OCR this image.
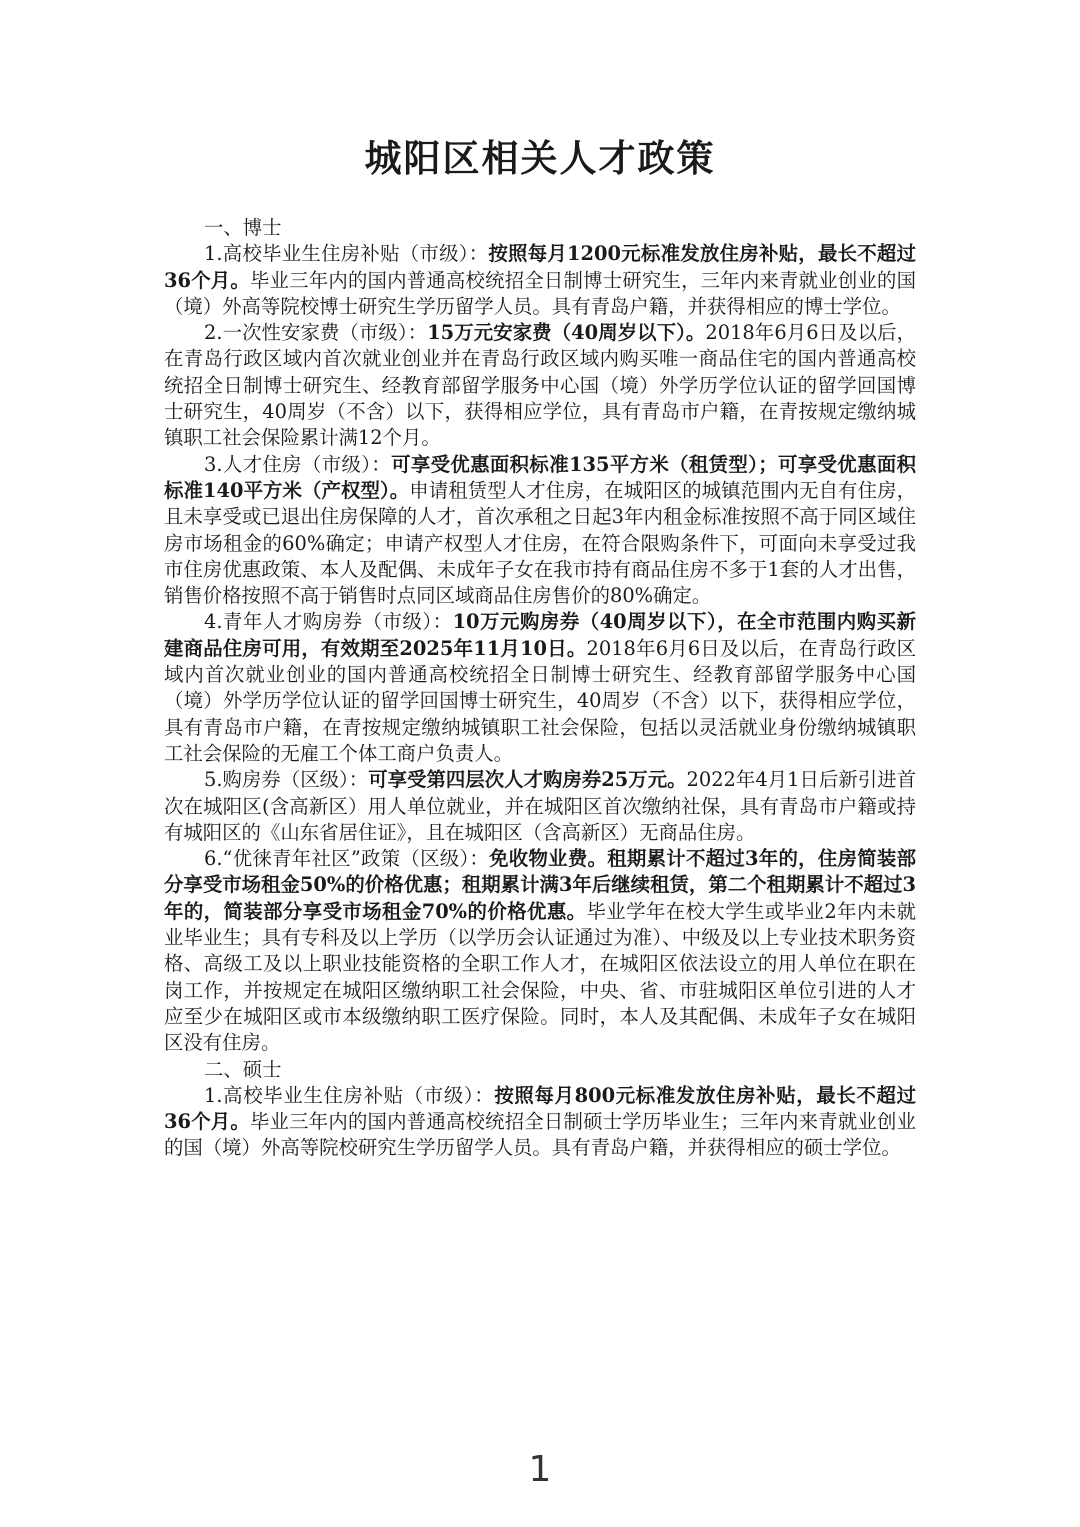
城阳区相关人才政策

一、博士

1.高校毕业生住房补贴（市级）：按照每月1200元标准发放住房补贴，最长不超过36个月。毕业三年内的国内普通高校统招全日制博士研究生，三年内来青就业创业的国（境）外高等院校博士研究生学历留学人员。具有青岛户籍，并获得相应的博士学位。

2.一次性安家费（市级）：15万元安家费（40周岁以下）。2018年6月6日及以后，在青岛行政区域内首次就业创业并在青岛行政区域内购买唯一商品住宅的国内普通高校统招全日制博士研究生、经教育部留学服务中心国（境）外学历学位认证的留学回国博士研究生，40周岁（不含）以下，获得相应学位，具有青岛市户籍，在青按规定缴纳城镇职工社会保险累计满12个月。

3.人才住房（市级）：可享受优惠面积标准135平方米（租赁型）；可享受优惠面积标准140平方米（产权型）。申请租赁型人才住房，在城阳区的城镇范围内无自有住房，且未享受或已退出住房保障的人才，首次承租之日起3年内租金标准按照不高于同区域住房市场租金的60%确定；申请产权型人才住房，在符合限购条件下，可面向未享受过我市住房优惠政策、本人及配偶、未成年子女在我市持有商品住房不多于1套的人才出售，销售价格按照不高于销售时点同区域商品住房售价的80%确定。

4.青年人才购房券（市级）：10万元购房券（40周岁以下），在全市范围内购买新建商品住房可用，有效期至2025年11月10日。2018年6月6日及以后，在青岛行政区域内首次就业创业的国内普通高校统招全日制博士研究生、经教育部留学服务中心国（境）外学历学位认证的留学回国博士研究生，40周岁（不含）以下，获得相应学位，具有青岛市户籍，在青按规定缴纳城镇职工社会保险，包括以灵活就业身份缴纳城镇职工社会保险的无雇工个体工商户负责人。

5.购房券（区级）：可享受第四层次人才购房券25万元。2022年4月1日后新引进首次在城阳区(含高新区）用人单位就业，并在城阳区首次缴纳社保，具有青岛市户籍或持有城阳区的《山东省居住证》，且在城阳区（含高新区）无商品住房。

6.“优徕青年社区”政策（区级）：免收物业费。租期累计不超过3年的，住房简装部分享受市场租金50%的价格优惠；租期累计满3年后继续租赁，第二个租期累计不超过3年的，简装部分享受市场租金70%的价格优惠。毕业学年在校大学生或毕业2年内未就业毕业生；具有专科及以上学历（以学历会认证通过为准）、中级及以上专业技术职务资格、高级工及以上职业技能资格的全职工作人才，在城阳区依法设立的用人单位在职在岗工作，并按规定在城阳区缴纳职工社会保险，中央、省、市驻城阳区单位引进的人才应至少在城阳区或市本级缴纳职工医疗保险。同时，本人及其配偶、未成年子女在城阳区没有住房。

二、硕士

1.高校毕业生住房补贴（市级）：按照每月800元标准发放住房补贴，最长不超过36个月。毕业三年内的国内普通高校统招全日制硕士学历毕业生；三年内来青就业创业的国（境）外高等院校研究生学历留学人员。具有青岛户籍，并获得相应的硕士学位。

1
